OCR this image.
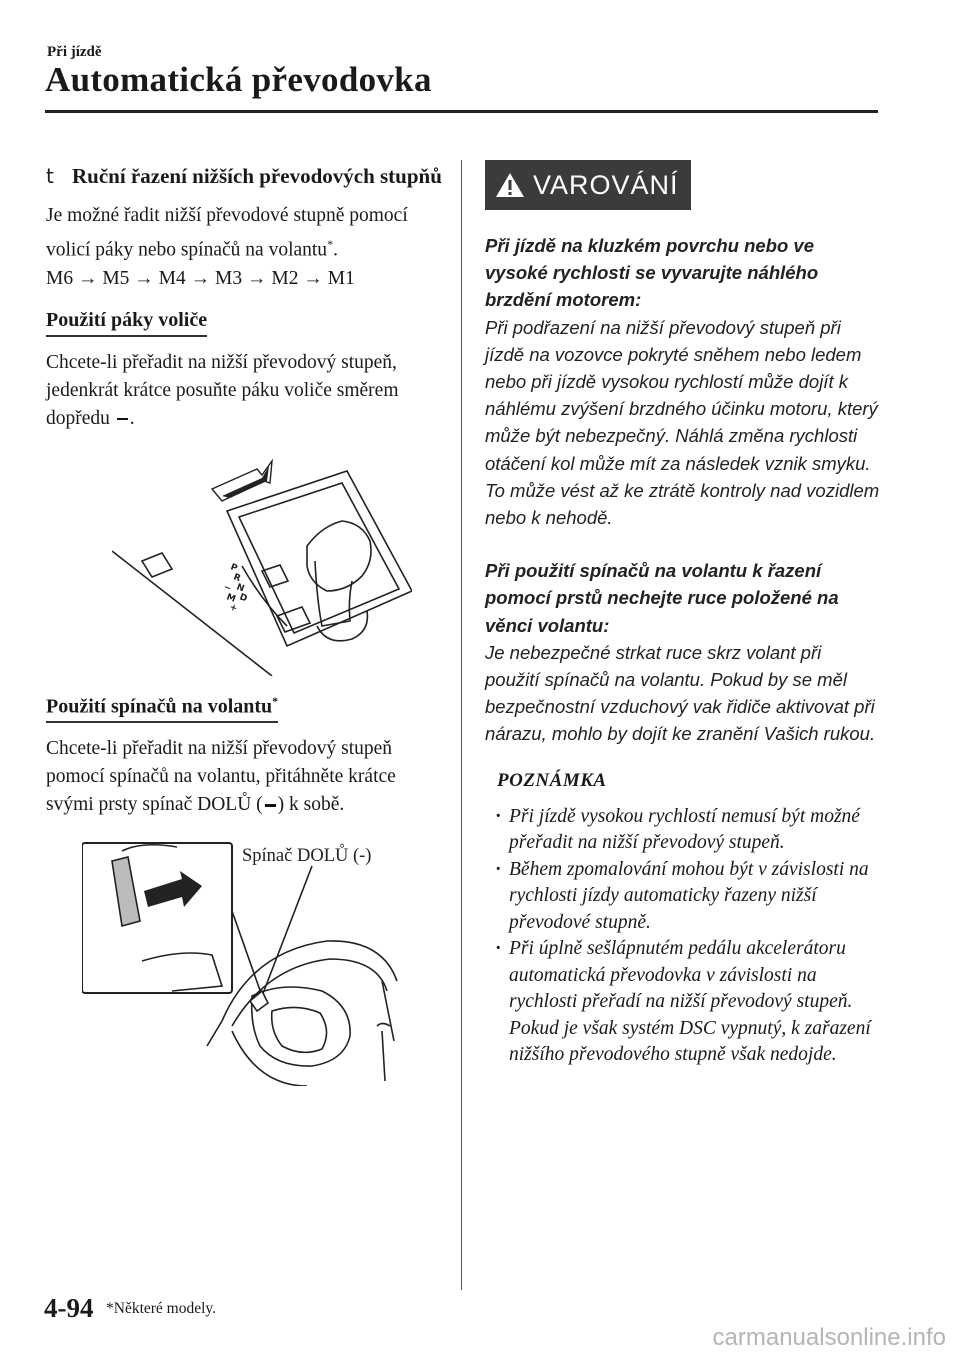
Při jízdě
Automatická převodovka
t Ruční řazení nižších převodových stupňů
Je možné řadit nižší převodové stupně pomocí volicí páky nebo spínačů na volantu*.
M6 → M5 → M4 → M3 → M2 → M1
Použití páky voliče
Chcete-li přeřadit na nižší převodový stupeň, jedenkrát krátce posuňte páku voliče směrem dopředu .
P
R
N
D
M
+
−
Použití spínačů na volantu*
Chcete-li přeřadit na nižší převodový stupeň pomocí spínačů na volantu, přitáhněte krátce svými prsty spínač DOLŮ ( ) k sobě.
Spínač DOLŮ (-)
VAROVÁNÍ
Při jízdě na kluzkém povrchu nebo ve vysoké rychlosti se vyvarujte náhlého brzdění motorem:
Při podřazení na nižší převodový stupeň při jízdě na vozovce pokryté sněhem nebo ledem nebo při jízdě vysokou rychlostí může dojít k náhlému zvýšení brzdného účinku motoru, který může být nebezpečný. Náhlá změna rychlosti otáčení kol může mít za následek vznik smyku. To může vést až ke ztrátě kontroly nad vozidlem nebo k nehodě.
Při použití spínačů na volantu k řazení pomocí prstů nechejte ruce položené na věnci volantu:
Je nebezpečné strkat ruce skrz volant při použití spínačů na volantu. Pokud by se měl bezpečnostní vzduchový vak řidiče aktivovat při nárazu, mohlo by dojít ke zranění Vašich rukou.
POZNÁMKA
· Při jízdě vysokou rychlostí nemusí být možné přeřadit na nižší převodový stupeň.
· Během zpomalování mohou být v závislosti na rychlosti jízdy automaticky řazeny nižší převodové stupně.
· Při úplně sešlápnutém pedálu akcelerátoru automatická převodovka v závislosti na rychlosti přeřadí na nižší převodový stupeň. Pokud je však systém DSC vypnutý, k zařazení nižšího převodového stupně však nedojde.
4-94 *Některé modely.
carmanualsonline.info
